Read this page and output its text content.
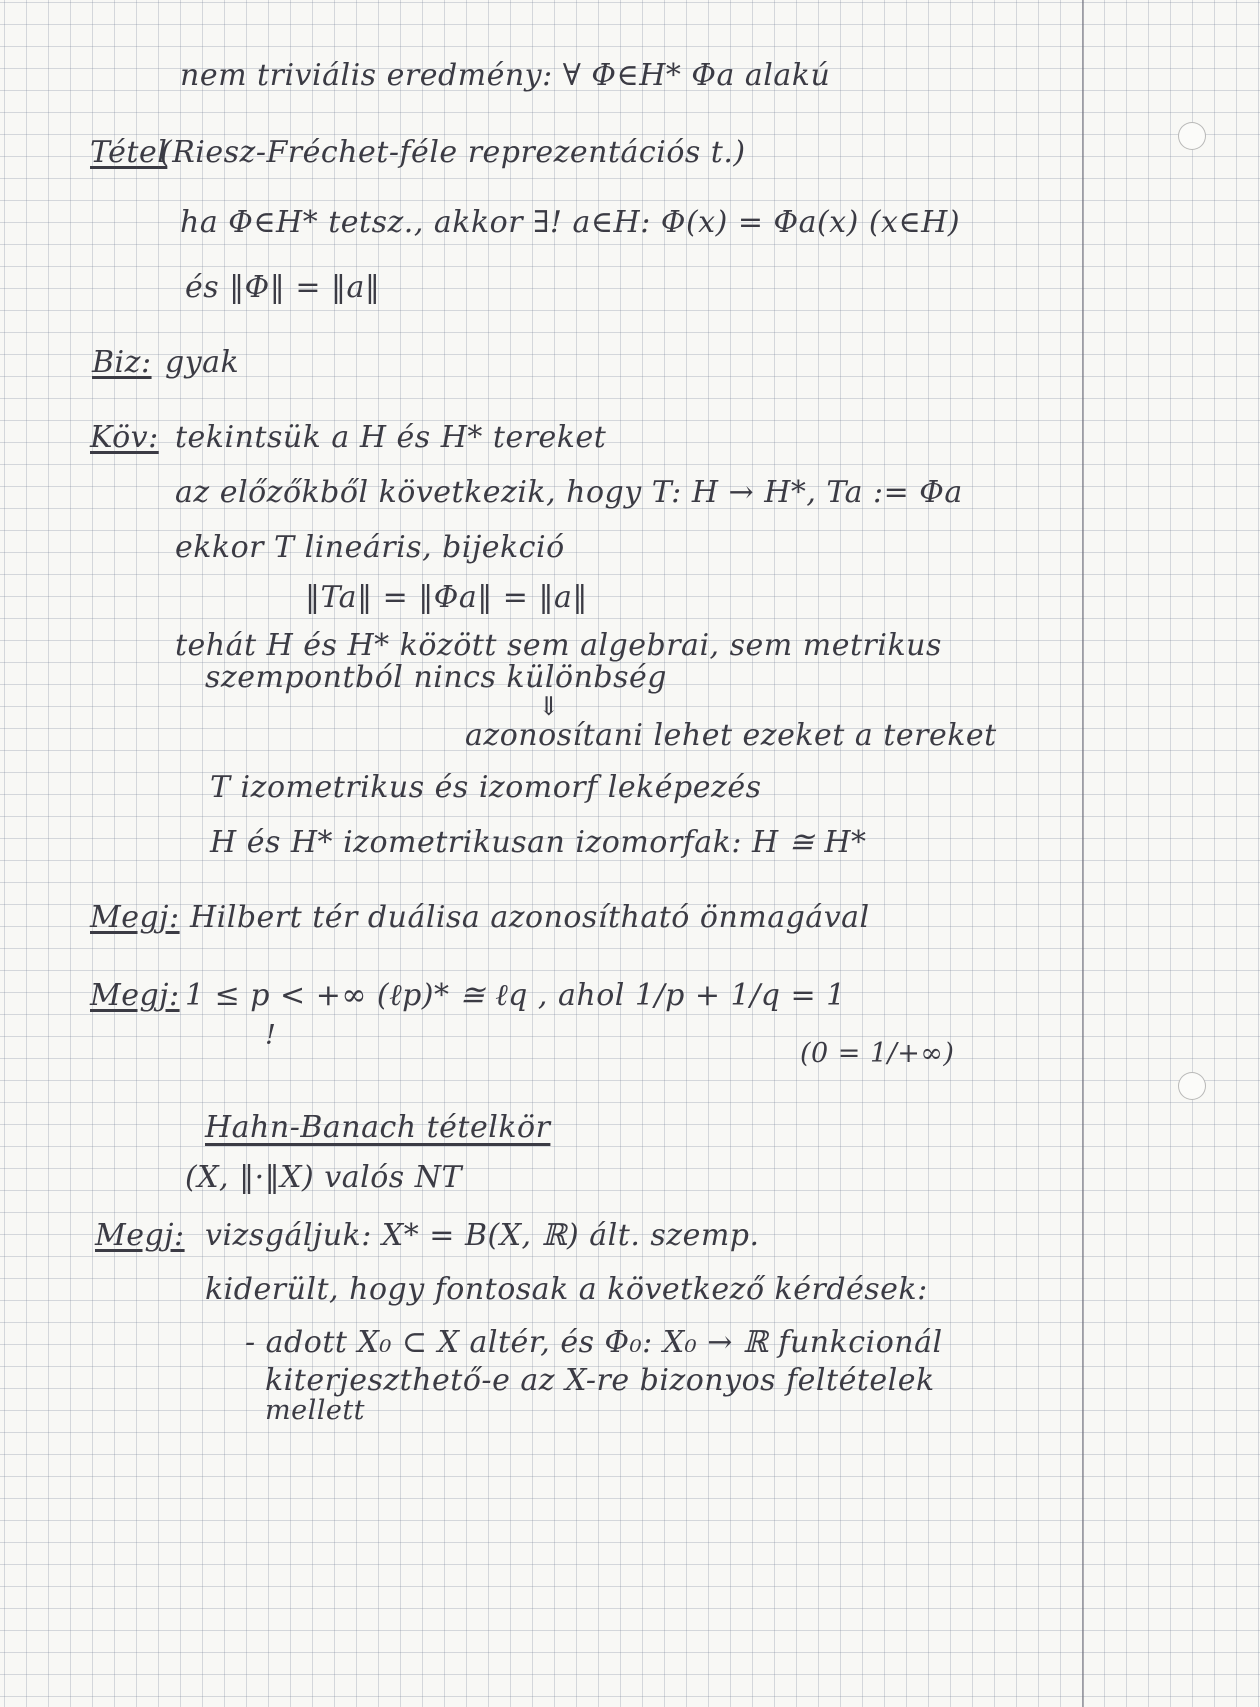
nem triviális eredmény: ∀ Φ∈H* Φa alakú
Tétel
(Riesz-Fréchet-féle reprezentációs t.)
ha Φ∈H* tetsz., akkor ∃! a∈H: Φ(x) = Φa(x) (x∈H)
és ‖Φ‖ = ‖a‖
Biz: gyak
Köv: tekintsük a H és H* tereket
az előzőkből következik, hogy T: H → H*, Ta := Φa
ekkor T lineáris, bijekció
‖Ta‖ = ‖Φa‖ = ‖a‖
tehát H és H* között sem algebrai, sem metrikus
szempontból nincs különbség
⇓
azonosítani lehet ezeket a tereket
T izometrikus és izomorf leképezés
H és H* izometrikusan izomorfak: H ≅ H*
Megj: Hilbert tér duálisa azonosítható önmagával
Megj: 1 ≤ p < +∞ (ℓp)* ≅ ℓq , ahol 1/p + 1/q = 1
!
(0 = 1/+∞)
Hahn-Banach tételkör
(X, ‖·‖X) valós NT
Megj: vizsgáljuk: X* = B(X, ℝ) ált. szemp.
kiderült, hogy fontosak a következő kérdések:
- adott X₀ ⊂ X altér, és Φ₀: X₀ → ℝ funkcionál
kiterjeszthető-e az X-re bizonyos feltételek
mellett
